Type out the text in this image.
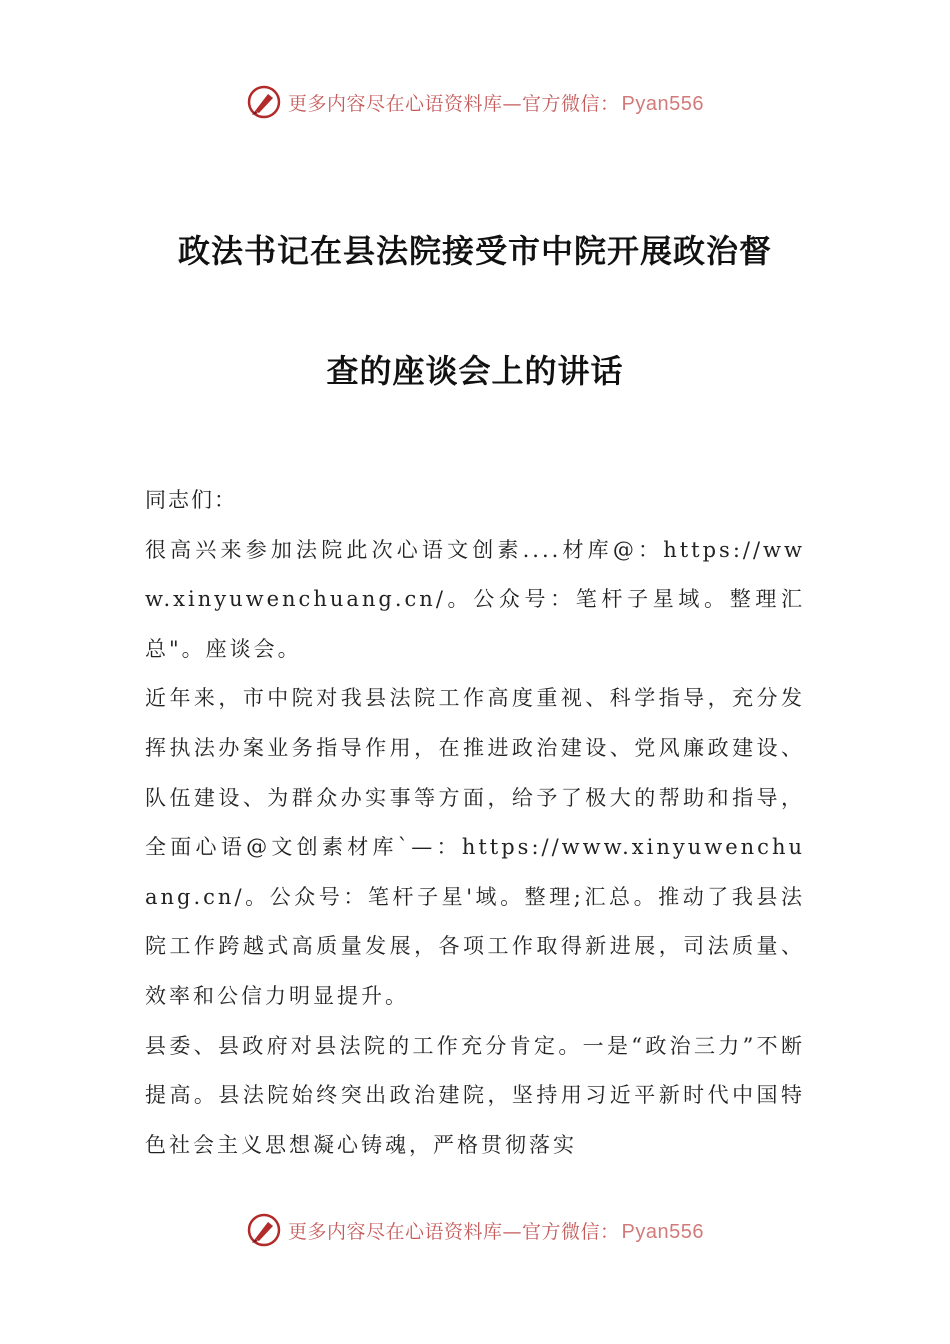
更多内容尽在心语资料库—官方微信： Pyan556
政法书记在县法院接受市中院开展政治督
查的座谈会上的讲话

同志们：

很高兴来参加法院此次心语文创素....材库@：https://www.xinyuwenchuang.cn/。公众号：笔杆子星域。整理汇总"。座谈会。

近年来，市中院对我县法院工作高度重视、科学指导，充分发挥执法办案业务指导作用，在推进政治建设、党风廉政建设、队伍建设、为群众办实事等方面，给予了极大的帮助和指导，全面心语@文创素材库`—：https://www.xinyuwenchuang.cn/。公众号：笔杆子星'域。整理;汇总。推动了我县法院工作跨越式高质量发展，各项工作取得新进展，司法质量、效率和公信力明显提升。

县委、县政府对县法院的工作充分肯定。一是“政治三力”不断提高。县法院始终突出政治建院，坚持用习近平新时代中国特色社会主义思想凝心铸魂，严格贯彻落实

更多内容尽在心语资料库—官方微信： Pyan556
